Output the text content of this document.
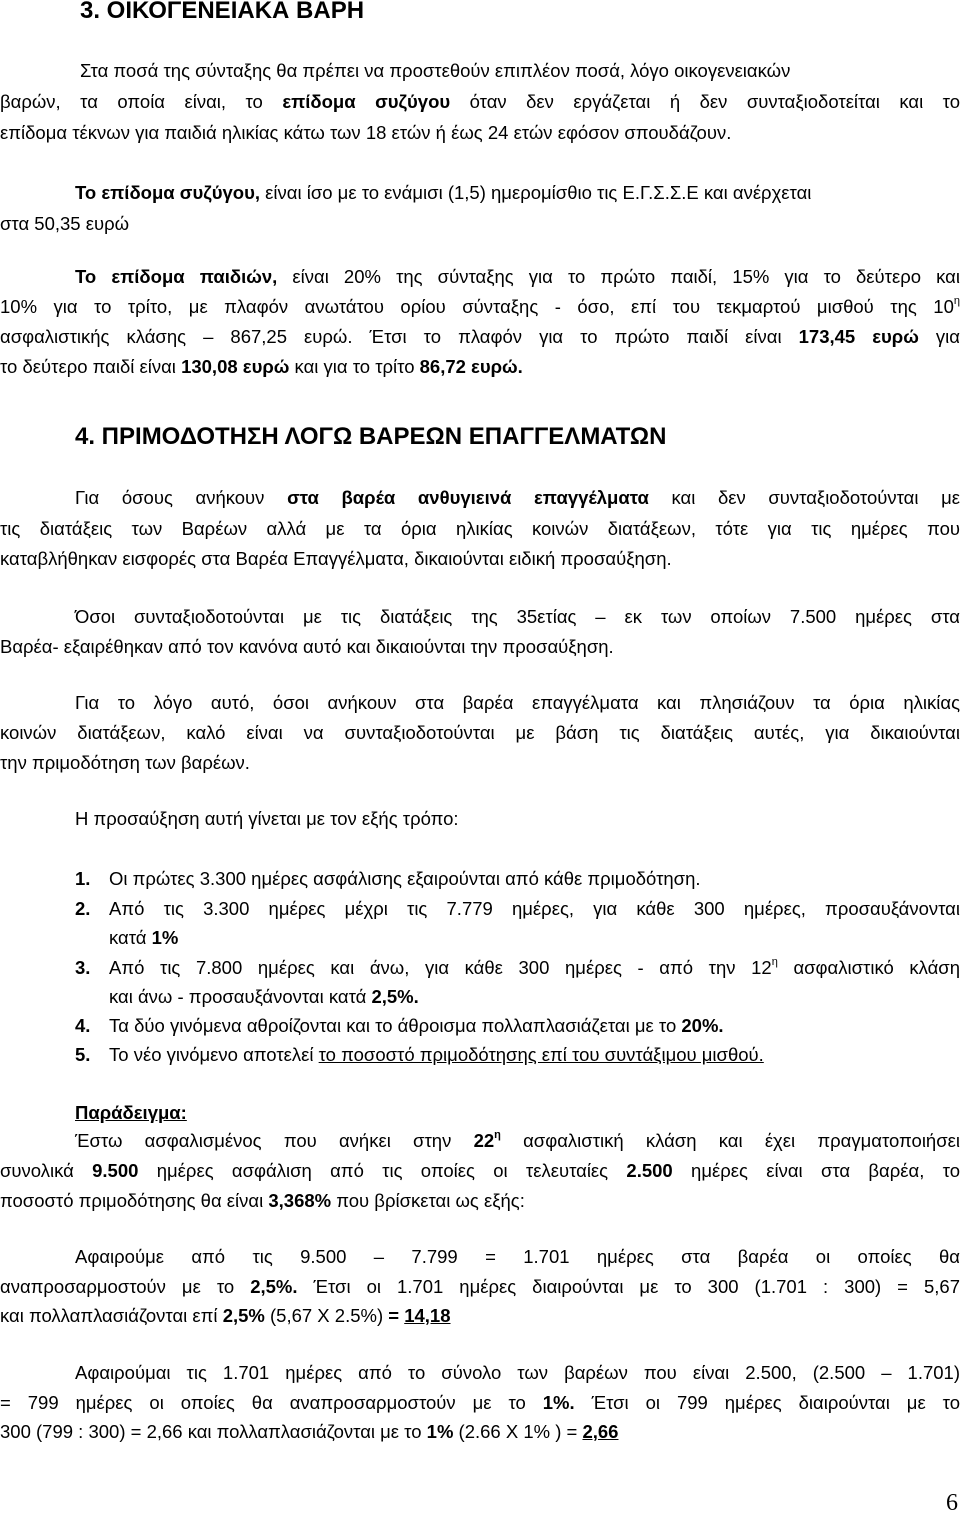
3. ΟΙΚΟΓΕΝΕΙΑΚΑ ΒΑΡΗ
Στα ποσά της σύνταξης θα πρέπει να προστεθούν επιπλέον ποσά, λόγο οικογενειακών
βαρών, τα οποία είναι, το επίδομα συζύγου όταν δεν εργάζεται ή δεν συνταξιοδοτείται και το
επίδομα τέκνων για παιδιά ηλικίας κάτω των 18 ετών ή έως 24 ετών εφόσον σπουδάζουν.
Το επίδομα συζύγου, είναι ίσο με το ενάμισι (1,5) ημερομίσθιο τις Ε.Γ.Σ.Σ.Ε και ανέρχεται
στα 50,35 ευρώ
Το επίδομα παιδιών, είναι 20% της σύνταξης για το πρώτο παιδί, 15% για το δεύτερο και
10% για το τρίτο, με πλαφόν ανωτάτου ορίου σύνταξης - όσο, επί του τεκμαρτού μισθού της $10^\eta$
ασφαλιστικής κλάσης – 867,25 ευρώ. Έτσι το πλαφόν για το πρώτο παιδί είναι 173,45 ευρώ για
το δεύτερο παιδί είναι 130,08 ευρώ και για το τρίτο 86,72 ευρώ.
4. ΠΡΙΜΟΔΟΤΗΣΗ ΛΟΓΩ ΒΑΡΕΩΝ ΕΠΑΓΓΕΛΜΑΤΩΝ
Για όσους ανήκουν στα βαρέα ανθυγιεινά επαγγέλματα και δεν συνταξιοδοτούνται με
τις διατάξεις των Βαρέων αλλά με τα όρια ηλικίας κοινών διατάξεων, τότε για τις ημέρες που
καταβλήθηκαν εισφορές στα Βαρέα Επαγγέλματα, δικαιούνται ειδική προσαύξηση.
Όσοι συνταξιοδοτούνται με τις διατάξεις της 35ετίας – εκ των οποίων 7.500 ημέρες στα
Βαρέα- εξαιρέθηκαν από τον κανόνα αυτό και δικαιούνται την προσαύξηση.
Για το λόγο αυτό, όσοι ανήκουν στα βαρέα επαγγέλματα και πλησιάζουν τα όρια ηλικίας
κοινών διατάξεων, καλό είναι να συνταξιοδοτούνται με βάση τις διατάξεις αυτές, για δικαιούνται
την πριμοδότηση των βαρέων.
Η προσαύξηση αυτή γίνεται με τον εξής τρόπο:
1. Οι πρώτες 3.300 ημέρες ασφάλισης εξαιρούνται από κάθε πριμοδότηση.
2. Από τις 3.300 ημέρες μέχρι τις 7.779 ημέρες, για κάθε 300 ημέρες, προσαυξάνονται
κατά 1%
3. Από τις 7.800 ημέρες και άνω, για κάθε 300 ημέρες - από την $12^\eta$ ασφαλιστικό κλάση
και άνω - προσαυξάνονται κατά 2,5%.
4. Τα δύο γινόμενα αθροίζονται και το άθροισμα πολλαπλασιάζεται με το 20%.
5. Το νέο γινόμενο αποτελεί το ποσοστό πριμοδότησης επί του συντάξιμου μισθού.
Παράδειγμα:
Έστω ασφαλισμένος που ανήκει στην $22^\eta$ ασφαλιστική κλάση και έχει πραγματοποιήσει
συνολικά 9.500 ημέρες ασφάλιση από τις οποίες οι τελευταίες 2.500 ημέρες είναι στα βαρέα, το
ποσοστό πριμοδότησης θα είναι 3,368% που βρίσκεται ως εξής:
Αφαιρούμε από τις 9.500 – 7.799 = 1.701 ημέρες στα βαρέα οι οποίες θα
αναπροσαρμοστούν με το 2,5%. Έτσι οι 1.701 ημέρες διαιρούνται με το 300 (1.701 : 300) = 5,67
και πολλαπλασιάζονται επί 2,5% (5,67 Χ 2.5%) = 14,18
Αφαιρούμαι τις 1.701 ημέρες από το σύνολο των βαρέων που είναι 2.500, (2.500 – 1.701)
= 799 ημέρες οι οποίες θα αναπροσαρμοστούν με το 1%. Έτσι οι 799 ημέρες διαιρούνται με το
300 (799 : 300) = 2,66 και πολλαπλασιάζονται με το 1% (2.66 Χ 1% ) = 2,66
6
